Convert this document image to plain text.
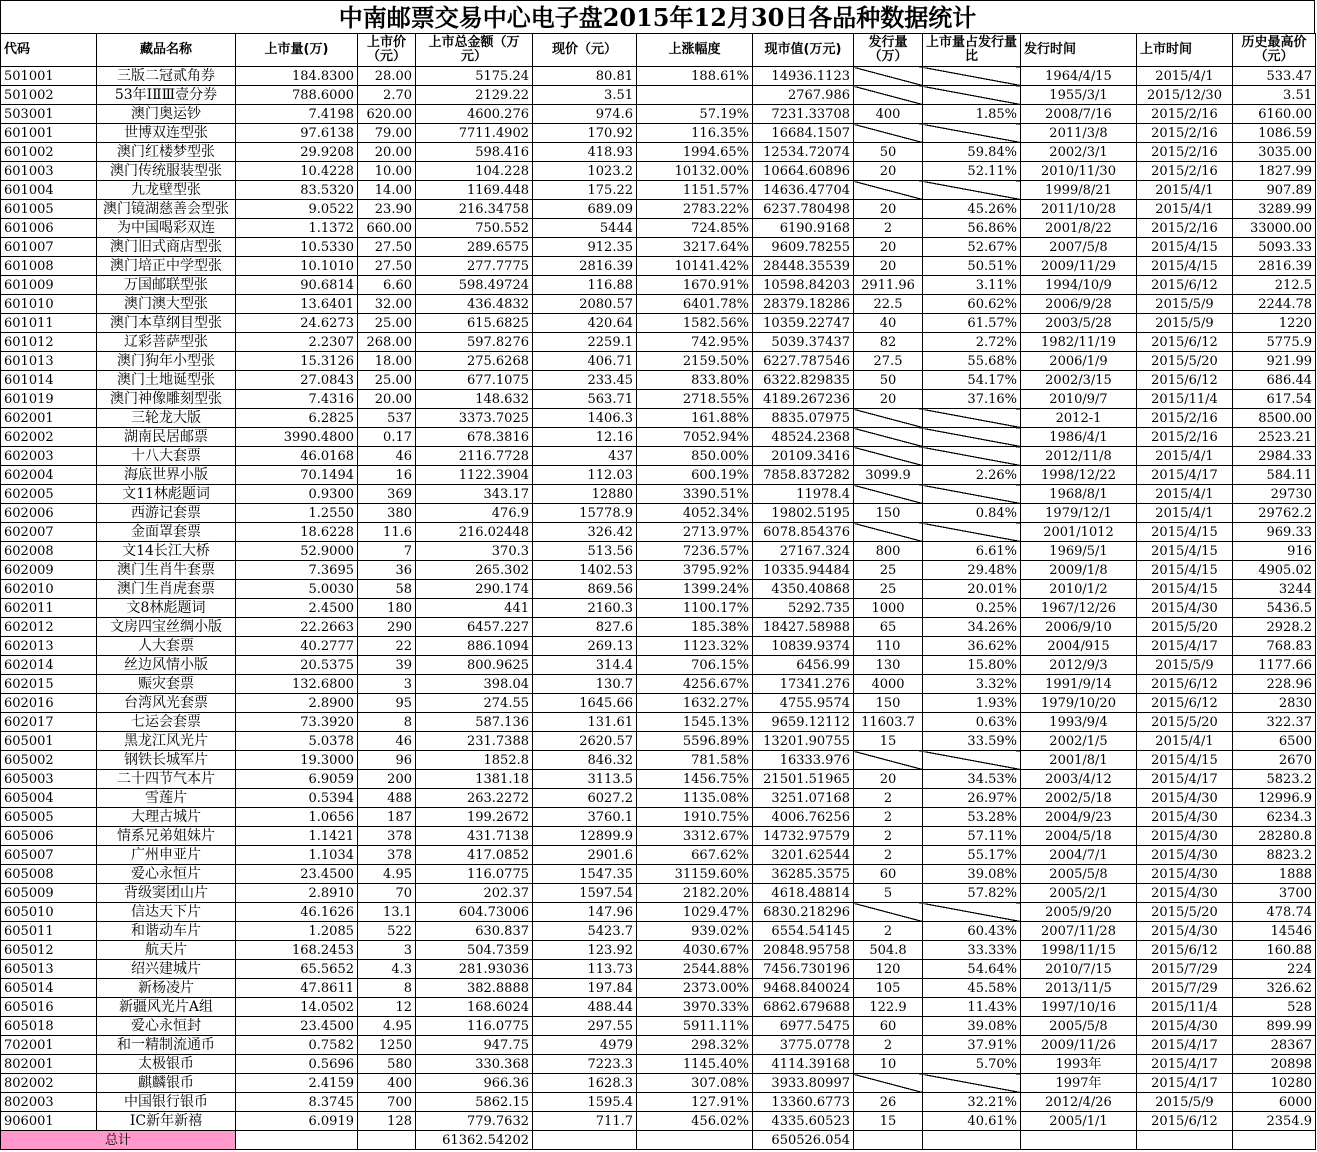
中南邮票交易中心电子盘2015年12月30日各品种数据统计
代码	藏品名称	上市量(万)	上市价（元）	上市总金额（万元）	现价（元）	上涨幅度	现市值(万元)	发行量（万）	上市量占发行量比	发行时间	上市时间	历史最高价（元）
501001	三版二冠贰角券	184.8300	28.00	5175.24	80.81	188.61%	14936.1123			1964/4/15	2015/4/1	533.47
501002	53年ⅠⅡⅢ壹分券	788.6000	2.70	2129.22	3.51		2767.986			1955/3/1	2015/12/30	3.51
503001	澳门奥运钞	7.4198	620.00	4600.276	974.6	57.19%	7231.33708	400	1.85%	2008/7/16	2015/2/16	6160.00
601001	世博双连型张	97.6138	79.00	7711.4902	170.92	116.35%	16684.1507			2011/3/8	2015/2/16	1086.59
601002	澳门红楼梦型张	29.9208	20.00	598.416	418.93	1994.65%	12534.72074	50	59.84%	2002/3/1	2015/2/16	3035.00
601003	澳门传统服装型张	10.4228	10.00	104.228	1023.2	10132.00%	10664.60896	20	52.11%	2010/11/30	2015/2/16	1827.99
601004	九龙壁型张	83.5320	14.00	1169.448	175.22	1151.57%	14636.47704			1999/8/21	2015/4/1	907.89
601005	澳门镜湖慈善会型张	9.0522	23.90	216.34758	689.09	2783.22%	6237.780498	20	45.26%	2011/10/28	2015/4/1	3289.99
601006	为中国喝彩双连	1.1372	660.00	750.552	5444	724.85%	6190.9168	2	56.86%	2001/8/22	2015/2/16	33000.00
601007	澳门旧式商店型张	10.5330	27.50	289.6575	912.35	3217.64%	9609.78255	20	52.67%	2007/5/8	2015/4/15	5093.33
601008	澳门培正中学型张	10.1010	27.50	277.7775	2816.39	10141.42%	28448.35539	20	50.51%	2009/11/29	2015/4/15	2816.39
601009	万国邮联型张	90.6814	6.60	598.49724	116.88	1670.91%	10598.84203	2911.96	3.11%	1994/10/9	2015/6/12	212.5
601010	澳门澳大型张	13.6401	32.00	436.4832	2080.57	6401.78%	28379.18286	22.5	60.62%	2006/9/28	2015/5/9	2244.78
601011	澳门本草纲目型张	24.6273	25.00	615.6825	420.64	1582.56%	10359.22747	40	61.57%	2003/5/28	2015/5/9	1220
601012	辽彩菩萨型张	2.2307	268.00	597.8276	2259.1	742.95%	5039.37437	82	2.72%	1982/11/19	2015/6/12	5775.9
601013	澳门狗年小型张	15.3126	18.00	275.6268	406.71	2159.50%	6227.787546	27.5	55.68%	2006/1/9	2015/5/20	921.99
601014	澳门土地诞型张	27.0843	25.00	677.1075	233.45	833.80%	6322.829835	50	54.17%	2002/3/15	2015/6/12	686.44
601019	澳门神像雕刻型张	7.4316	20.00	148.632	563.71	2718.55%	4189.267236	20	37.16%	2010/9/7	2015/11/4	617.54
602001	三轮龙大版	6.2825	537	3373.7025	1406.3	161.88%	8835.07975			2012-1	2015/2/16	8500.00
602002	湖南民居邮票	3990.4800	0.17	678.3816	12.16	7052.94%	48524.2368			1986/4/1	2015/2/16	2523.21
602003	十八大套票	46.0168	46	2116.7728	437	850.00%	20109.3416			2012/11/8	2015/4/1	2984.33
602004	海底世界小版	70.1494	16	1122.3904	112.03	600.19%	7858.837282	3099.9	2.26%	1998/12/22	2015/4/17	584.11
602005	文11林彪题词	0.9300	369	343.17	12880	3390.51%	11978.4			1968/8/1	2015/4/1	29730
602006	西游记套票	1.2550	380	476.9	15778.9	4052.34%	19802.5195	150	0.84%	1979/12/1	2015/4/1	29762.2
602007	金面罩套票	18.6228	11.6	216.02448	326.42	2713.97%	6078.854376			2001/1012	2015/4/15	969.33
602008	文14长江大桥	52.9000	7	370.3	513.56	7236.57%	27167.324	800	6.61%	1969/5/1	2015/4/15	916
602009	澳门生肖牛套票	7.3695	36	265.302	1402.53	3795.92%	10335.94484	25	29.48%	2009/1/8	2015/4/15	4905.02
602010	澳门生肖虎套票	5.0030	58	290.174	869.56	1399.24%	4350.40868	25	20.01%	2010/1/2	2015/4/15	3244
602011	文8林彪题词	2.4500	180	441	2160.3	1100.17%	5292.735	1000	0.25%	1967/12/26	2015/4/30	5436.5
602012	文房四宝丝绸小版	22.2663	290	6457.227	827.6	185.38%	18427.58988	65	34.26%	2006/9/10	2015/5/20	2928.2
602013	人大套票	40.2777	22	886.1094	269.13	1123.32%	10839.9374	110	36.62%	2004/915	2015/4/17	768.83
602014	丝边风情小版	20.5375	39	800.9625	314.4	706.15%	6456.99	130	15.80%	2012/9/3	2015/5/9	1177.66
602015	赈灾套票	132.6800	3	398.04	130.7	4256.67%	17341.276	4000	3.32%	1991/9/14	2015/6/12	228.96
602016	台湾风光套票	2.8900	95	274.55	1645.66	1632.27%	4755.9574	150	1.93%	1979/10/20	2015/6/12	2830
602017	七运会套票	73.3920	8	587.136	131.61	1545.13%	9659.12112	11603.7	0.63%	1993/9/4	2015/5/20	322.37
605001	黑龙江风光片	5.0378	46	231.7388	2620.57	5596.89%	13201.90755	15	33.59%	2002/1/5	2015/4/1	6500
605002	钢铁长城军片	19.3000	96	1852.8	846.32	781.58%	16333.976			2001/8/1	2015/4/15	2670
605003	二十四节气本片	6.9059	200	1381.18	3113.5	1456.75%	21501.51965	20	34.53%	2003/4/12	2015/4/17	5823.2
605004	雪莲片	0.5394	488	263.2272	6027.2	1135.08%	3251.07168	2	26.97%	2002/5/18	2015/4/30	12996.9
605005	大理古城片	1.0656	187	199.2672	3760.1	1910.75%	4006.76256	2	53.28%	2004/9/23	2015/4/30	6234.3
605006	情系兄弟姐妹片	1.1421	378	431.7138	12899.9	3312.67%	14732.97579	2	57.11%	2004/5/18	2015/4/30	28280.8
605007	广州申亚片	1.1034	378	417.0852	2901.6	667.62%	3201.62544	2	55.17%	2004/7/1	2015/4/30	8823.2
605008	爱心永恒片	23.4500	4.95	116.0775	1547.35	31159.60%	36285.3575	60	39.08%	2005/5/8	2015/4/30	1888
605009	背级窦团山片	2.8910	70	202.37	1597.54	2182.20%	4618.48814	5	57.82%	2005/2/1	2015/4/30	3700
605010	信达天下片	46.1626	13.1	604.73006	147.96	1029.47%	6830.218296			2005/9/20	2015/5/20	478.74
605011	和谐动车片	1.2085	522	630.837	5423.7	939.02%	6554.54145	2	60.43%	2007/11/28	2015/4/30	14546
605012	航天片	168.2453	3	504.7359	123.92	4030.67%	20848.95758	504.8	33.33%	1998/11/15	2015/6/12	160.88
605013	绍兴建城片	65.5652	4.3	281.93036	113.73	2544.88%	7456.730196	120	54.64%	2010/7/15	2015/7/29	224
605014	新杨凌片	47.8611	8	382.8888	197.84	2373.00%	9468.840024	105	45.58%	2013/11/5	2015/7/29	326.62
605016	新疆风光片A组	14.0502	12	168.6024	488.44	3970.33%	6862.679688	122.9	11.43%	1997/10/16	2015/11/4	528
605018	爱心永恒封	23.4500	4.95	116.0775	297.55	5911.11%	6977.5475	60	39.08%	2005/5/8	2015/4/30	899.99
702001	和一精制流通币	0.7582	1250	947.75	4979	298.32%	3775.0778	2	37.91%	2009/11/26	2015/4/17	28367
802001	太极银币	0.5696	580	330.368	7223.3	1145.40%	4114.39168	10	5.70%	1993年	2015/4/17	20898
802002	麒麟银币	2.4159	400	966.36	1628.3	307.08%	3933.80997			1997年	2015/4/17	10280
802003	中国银行银币	8.3745	700	5862.15	1595.4	127.91%	13360.6773	26	32.21%	2012/4/26	2015/5/9	6000
906001	IC新年新禧	6.0919	128	779.7632	711.7	456.02%	4335.60523	15	40.61%	2005/1/1	2015/6/12	2354.9
总计				61362.54202			650526.054					
